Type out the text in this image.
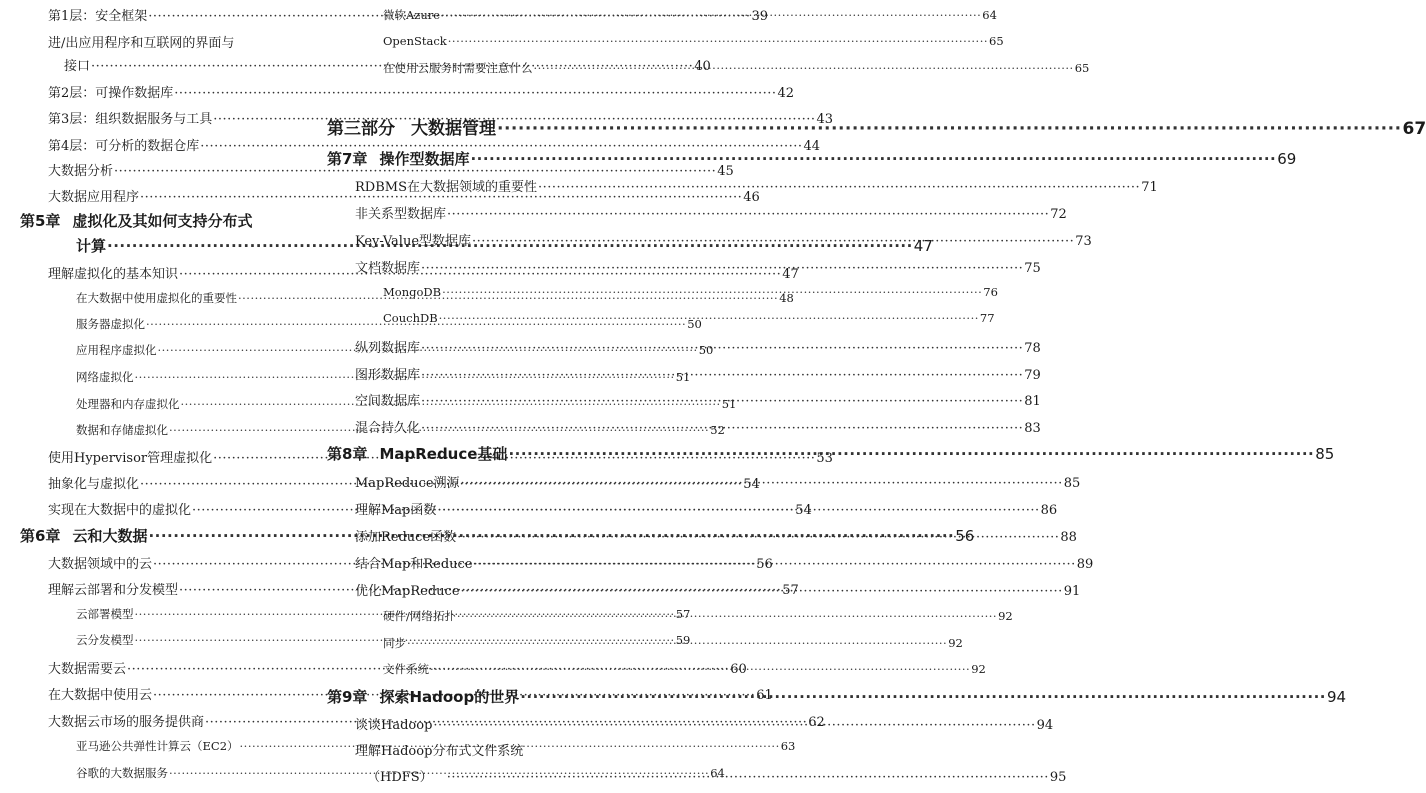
第1层：安全框架 ·····	39
进/出应用程序和互联网的界面与
接口 ·····	40
第2层：可操作数据库 ·····	42
第3层：组织数据服务与工具 ·····	43
第4层：可分析的数据仓库 ·····	44
大数据分析 ·····	45
大数据应用程序 ·····	46
第5章 虚拟化及其如何支持分布式
计算 ·····	47
理解虚拟化的基本知识 ·····	47
在大数据中使用虚拟化的重要性 ·····	48
服务器虚拟化 ·····	50
应用程序虚拟化 ·····	50
网络虚拟化 ·····	51
处理器和内存虚拟化 ·····	51
数据和存储虚拟化 ·····	52
使用Hypervisor管理虚拟化 ·····	53
抽象化与虚拟化 ·····	54
实现在大数据中的虚拟化 ·····	54
第6章 云和大数据 ·····	56
大数据领域中的云 ·····	56
理解云部署和分发模型 ·····	57
云部署模型 ·····	57
云分发模型 ·····	59
大数据需要云 ·····	60
在大数据中使用云 ·····	61
大数据云市场的服务提供商 ·····	62
亚马逊公共弹性计算云（EC2） ·····	63
谷歌的大数据服务 ·····	64
微软Azure ·····	64
OpenStack ·····	65
在使用云服务时需要注意什么 ·····	65
第三部分 大数据管理 ·····	67
第7章 操作型数据库 ·····	69
RDBMS在大数据领域的重要性 ·····	71
非关系型数据库 ·····	72
Key-Value型数据库 ·····	73
文档数据库 ·····	75
MongoDB ·····	76
CouchDB ·····	77
纵列数据库 ·····	78
图形数据库 ·····	79
空间数据库 ·····	81
混合持久化 ·····	83
第8章 MapReduce基础 ·····	85
MapReduce溯源 ·····	85
理解Map函数 ·····	86
添加Reduce函数 ·····	88
结合Map和Reduce ·····	89
优化MapReduce ·····	91
硬件/网络拓扑 ·····	92
同步 ·····	92
文件系统 ·····	92
第9章 探索Hadoop的世界 ·····	94
谈谈Hadoop ·····	94
理解Hadoop分布式文件系统
（HDFS） ·····	95
